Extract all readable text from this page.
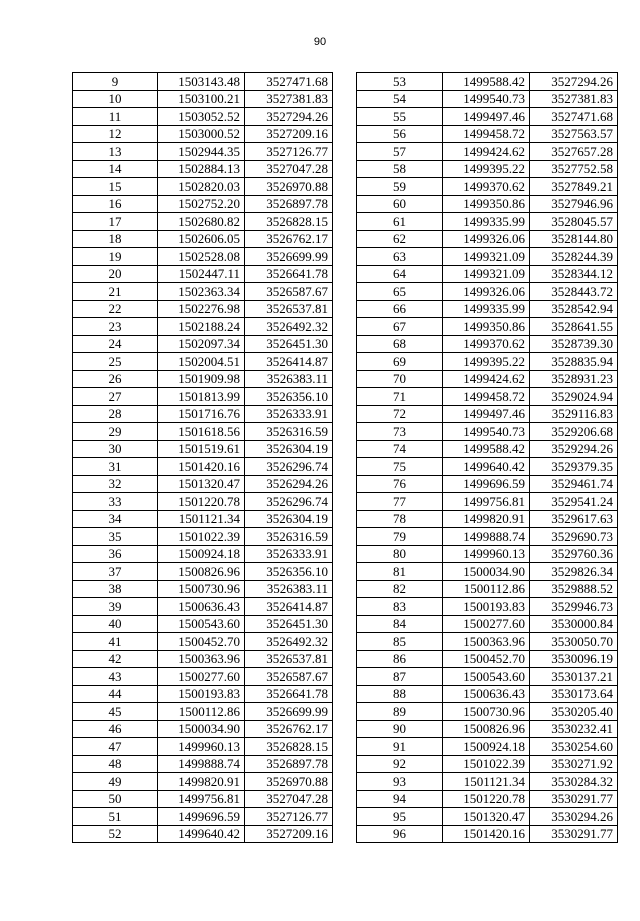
90
9	1503143.48	3527471.68
10	1503100.21	3527381.83
11	1503052.52	3527294.26
12	1503000.52	3527209.16
13	1502944.35	3527126.77
14	1502884.13	3527047.28
15	1502820.03	3526970.88
16	1502752.20	3526897.78
17	1502680.82	3526828.15
18	1502606.05	3526762.17
19	1502528.08	3526699.99
20	1502447.11	3526641.78
21	1502363.34	3526587.67
22	1502276.98	3526537.81
23	1502188.24	3526492.32
24	1502097.34	3526451.30
25	1502004.51	3526414.87
26	1501909.98	3526383.11
27	1501813.99	3526356.10
28	1501716.76	3526333.91
29	1501618.56	3526316.59
30	1501519.61	3526304.19
31	1501420.16	3526296.74
32	1501320.47	3526294.26
33	1501220.78	3526296.74
34	1501121.34	3526304.19
35	1501022.39	3526316.59
36	1500924.18	3526333.91
37	1500826.96	3526356.10
38	1500730.96	3526383.11
39	1500636.43	3526414.87
40	1500543.60	3526451.30
41	1500452.70	3526492.32
42	1500363.96	3526537.81
43	1500277.60	3526587.67
44	1500193.83	3526641.78
45	1500112.86	3526699.99
46	1500034.90	3526762.17
47	1499960.13	3526828.15
48	1499888.74	3526897.78
49	1499820.91	3526970.88
50	1499756.81	3527047.28
51	1499696.59	3527126.77
52	1499640.42	3527209.16
53	1499588.42	3527294.26
54	1499540.73	3527381.83
55	1499497.46	3527471.68
56	1499458.72	3527563.57
57	1499424.62	3527657.28
58	1499395.22	3527752.58
59	1499370.62	3527849.21
60	1499350.86	3527946.96
61	1499335.99	3528045.57
62	1499326.06	3528144.80
63	1499321.09	3528244.39
64	1499321.09	3528344.12
65	1499326.06	3528443.72
66	1499335.99	3528542.94
67	1499350.86	3528641.55
68	1499370.62	3528739.30
69	1499395.22	3528835.94
70	1499424.62	3528931.23
71	1499458.72	3529024.94
72	1499497.46	3529116.83
73	1499540.73	3529206.68
74	1499588.42	3529294.26
75	1499640.42	3529379.35
76	1499696.59	3529461.74
77	1499756.81	3529541.24
78	1499820.91	3529617.63
79	1499888.74	3529690.73
80	1499960.13	3529760.36
81	1500034.90	3529826.34
82	1500112.86	3529888.52
83	1500193.83	3529946.73
84	1500277.60	3530000.84
85	1500363.96	3530050.70
86	1500452.70	3530096.19
87	1500543.60	3530137.21
88	1500636.43	3530173.64
89	1500730.96	3530205.40
90	1500826.96	3530232.41
91	1500924.18	3530254.60
92	1501022.39	3530271.92
93	1501121.34	3530284.32
94	1501220.78	3530291.77
95	1501320.47	3530294.26
96	1501420.16	3530291.77
